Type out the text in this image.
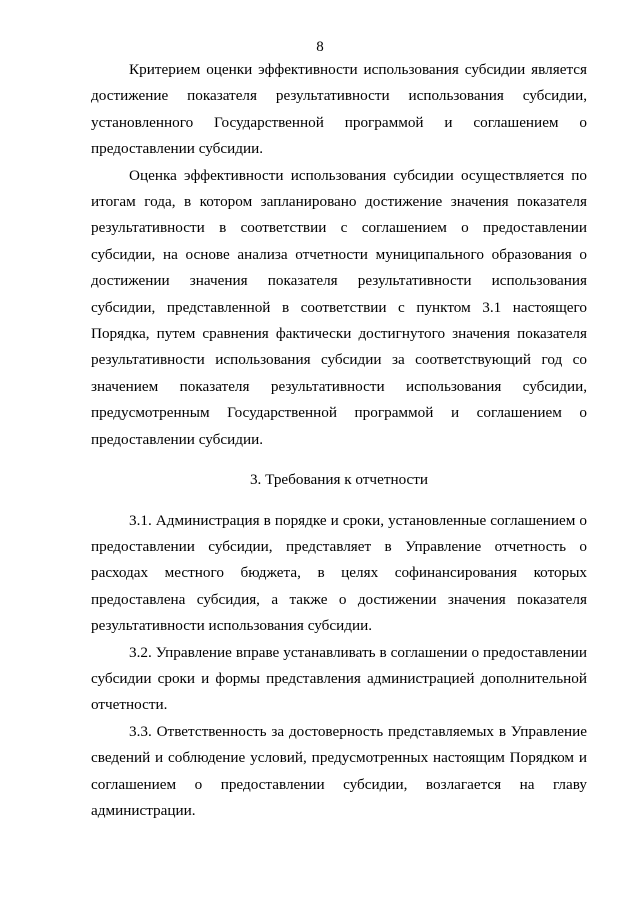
8

Критерием оценки эффективности использования субсидии является достижение показателя результативности использования субсидии, установленного Государственной программой и соглашением о предоставлении субсидии.

Оценка эффективности использования субсидии осуществляется по итогам года, в котором запланировано достижение значения показателя результативности в соответствии с соглашением о предоставлении субсидии, на основе анализа отчетности муниципального образования о достижении значения показателя результативности использования субсидии, представленной в соответствии с пунктом 3.1 настоящего Порядка, путем сравнения фактически достигнутого значения показателя результативности использования субсидии за соответствующий год со значением показателя результативности использования субсидии, предусмотренным Государственной программой и соглашением о предоставлении субсидии.

3. Требования к отчетности

3.1. Администрация в порядке и сроки, установленные соглашением о предоставлении субсидии, представляет в Управление отчетность о расходах местного бюджета, в целях софинансирования которых предоставлена субсидия, а также о достижении значения показателя результативности использования субсидии.

3.2. Управление вправе устанавливать в соглашении о предоставлении субсидии сроки и формы представления администрацией дополнительной отчетности.

3.3. Ответственность за достоверность представляемых в Управление сведений и соблюдение условий, предусмотренных настоящим Порядком и соглашением о предоставлении субсидии, возлагается на главу администрации.
